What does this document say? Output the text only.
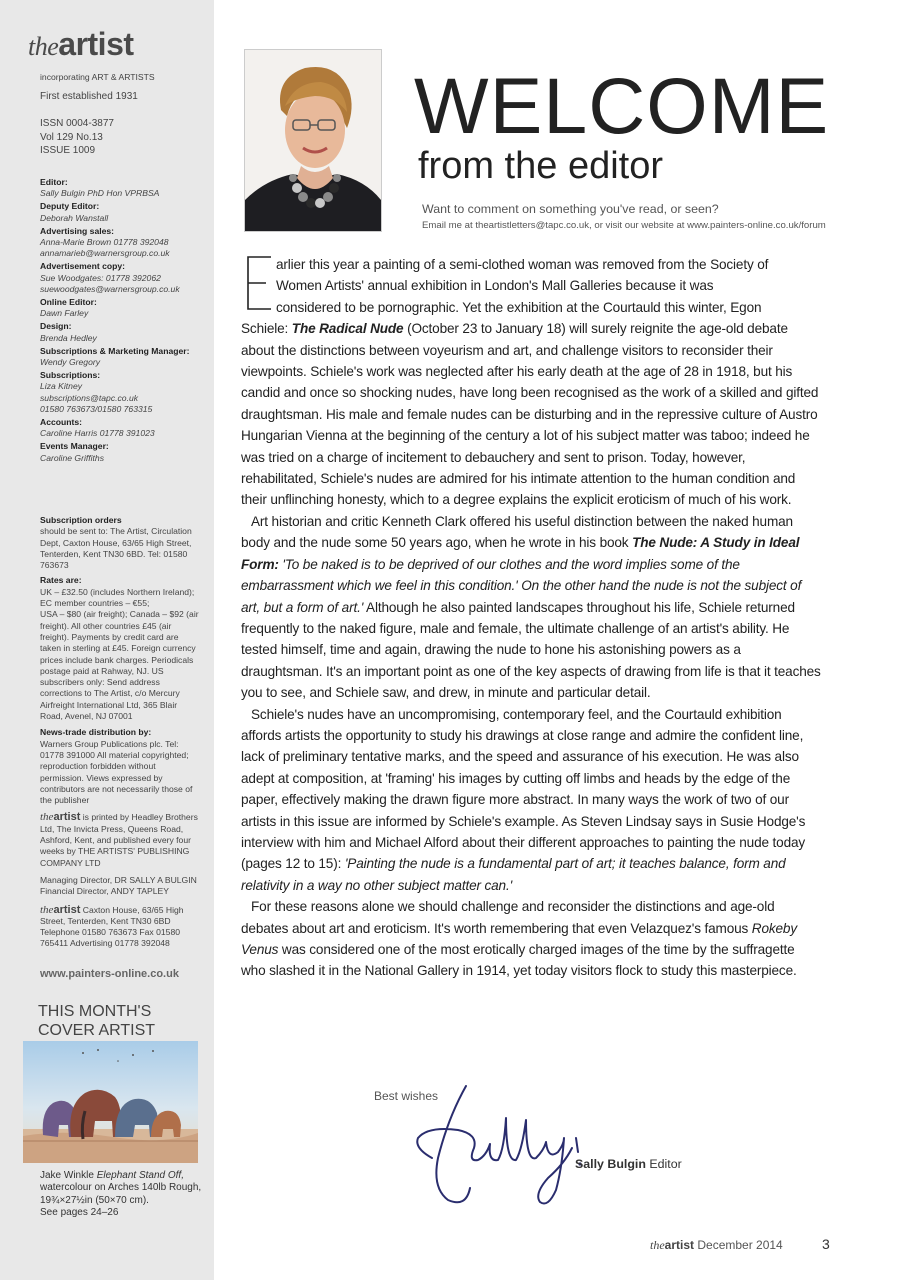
theartist
incorporating ART & ARTISTS
First established 1931
ISSN 0004-3877
Vol 129 No.13
ISSUE 1009
Editor:
Sally Bulgin PhD Hon VPRBSA
Deputy Editor:
Deborah Wanstall
Advertising sales:
Anna-Marie Brown 01778 392048
annamarieb@warnersgroup.co.uk
Advertisement copy:
Sue Woodgates: 01778 392062
suewoodgates@warnersgroup.co.uk
Online Editor:
Dawn Farley
Design:
Brenda Hedley
Subscriptions & Marketing Manager:
Wendy Gregory
Subscriptions:
Liza Kitney
subscriptions@tapc.co.uk
01580 763673/01580 763315
Accounts:
Caroline Harris 01778 391023
Events Manager:
Caroline Griffiths
Subscription orders
should be sent to: The Artist, Circulation
Dept, Caxton House, 63/65 High Street,
Tenterden, Kent TN30 6BD. Tel: 01580
763673
Rates are:
UK – £32.50 (includes Northern Ireland);
EC member countries – €55;
USA – $80 (air freight); Canada – $92 (air
freight). All other countries £45 (air
freight). Payments by credit card are
taken in sterling at £45. Foreign currency
prices include bank charges. Periodicals
postage paid at Rahway, NJ. US
subscribers only: Send address
corrections to The Artist, c/o Mercury
Airfreight International Ltd, 365 Blair
Road, Avenel, NJ 07001
News-trade distribution by:
Warners Group Publications plc. Tel:
01778 391000 All material copyrighted;
reproduction forbidden without
permission. Views expressed by
contributors are not necessarily those of
the publisher
theartist is printed by Headley Brothers
Ltd, The Invicta Press, Queens Road,
Ashford, Kent, and published every four
weeks by THE ARTISTS' PUBLISHING
COMPANY LTD
Managing Director, DR SALLY A BULGIN
Financial Director, ANDY TAPLEY
theartist Caxton House, 63/65 High
Street, Tenterden, Kent TN30 6BD
Telephone 01580 763673 Fax 01580
765411 Advertising 01778 392048
www.painters-online.co.uk
THIS MONTH'S
COVER ARTIST
Jake Winkle Elephant Stand Off,
watercolour on Arches 140lb Rough,
19¾×27½in (50×70 cm).
See pages 24–26
WELCOME
from the editor
Want to comment on something you've read, or seen?
Email me at theartistletters@tapc.co.uk, or visit our website at www.painters-online.co.uk/forum

arlier this year a painting of a semi-clothed woman was removed from the Society of
Women Artists' annual exhibition in London's Mall Galleries because it was
considered to be pornographic. Yet the exhibition at the Courtauld this winter, Egon
Schiele: The Radical Nude (October 23 to January 18) will surely reignite the age-old debate about the distinctions between voyeurism and art, and challenge visitors to reconsider their viewpoints. Schiele's work was neglected after his early death at the age of 28 in 1918, but his candid and once so shocking nudes, have long been recognised as the work of a skilled and gifted draughtsman. His male and female nudes can be disturbing and in the repressive culture of Austro Hungarian Vienna at the beginning of the century a lot of his subject matter was taboo; indeed he was tried on a charge of incitement to debauchery and sent to prison. Today, however, rehabilitated, Schiele's nudes are admired for his intimate attention to the human condition and their unflinching honesty, which to a degree explains the explicit eroticism of much of his work.

Art historian and critic Kenneth Clark offered his useful distinction between the naked human body and the nude some 50 years ago, when he wrote in his book The Nude: A Study in Ideal Form: 'To be naked is to be deprived of our clothes and the word implies some of the embarrassment which we feel in this condition.' On the other hand the nude is not the subject of art, but a form of art.' Although he also painted landscapes throughout his life, Schiele returned frequently to the naked figure, male and female, the ultimate challenge of an artist's ability. He tested himself, time and again, drawing the nude to hone his astonishing powers as a draughtsman. It's an important point as one of the key aspects of drawing from life is that it teaches you to see, and Schiele saw, and drew, in minute and particular detail.

Schiele's nudes have an uncompromising, contemporary feel, and the Courtauld exhibition affords artists the opportunity to study his drawings at close range and admire the confident line, lack of preliminary tentative marks, and the speed and assurance of his execution. He was also adept at composition, at 'framing' his images by cutting off limbs and heads by the edge of the paper, effectively making the drawn figure more abstract. In many ways the work of two of our artists in this issue are informed by Schiele's example. As Steven Lindsay says in Susie Hodge's interview with him and Michael Alford about their different approaches to painting the nude today (pages 12 to 15): 'Painting the nude is a fundamental part of art; it teaches balance, form and relativity in a way no other subject matter can.'

For these reasons alone we should challenge and reconsider the distinctions and age-old debates about art and eroticism. It's worth remembering that even Velazquez's famous Rokeby Venus was considered one of the most erotically charged images of the time by the suffragette who slashed it in the National Gallery in 1914, yet today visitors flock to study this masterpiece.

Best wishes
Sally Bulgin Editor
theartist December 2014	3
